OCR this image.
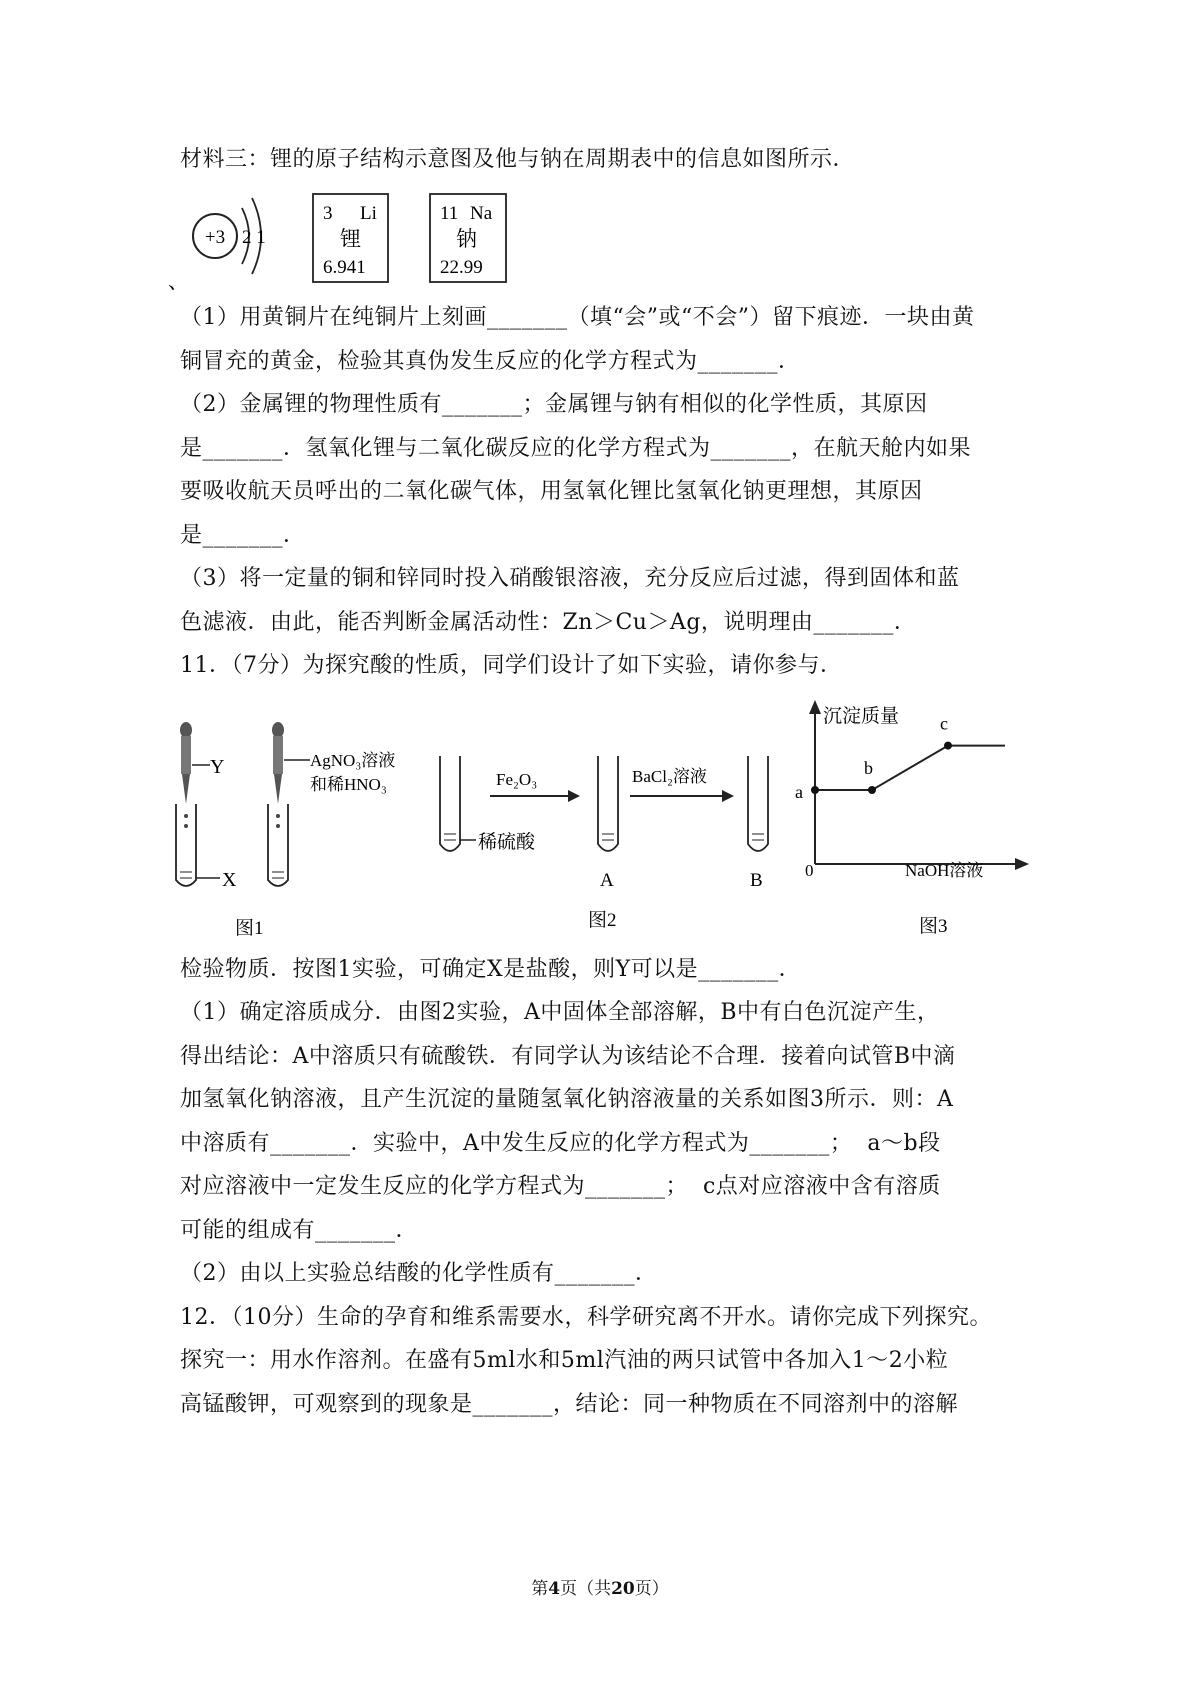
材料三：锂的原子结构示意图及他与钠在周期表中的信息如图所示．
+3 2 1
、
3 Li
锂
6.941
11 Na
钠
22.99
（1）用黄铜片在纯铜片上刻画_______（填“会”或“不会”）留下痕迹．一块由黄
铜冒充的黄金，检验其真伪发生反应的化学方程式为_______．
（2）金属锂的物理性质有_______；金属锂与钠有相似的化学性质，其原因
是_______．氢氧化锂与二氧化碳反应的化学方程式为_______，在航天舱内如果
要吸收航天员呼出的二氧化碳气体，用氢氧化锂比氢氧化钠更理想，其原因
是_______．
（3）将一定量的铜和锌同时投入硝酸银溶液，充分反应后过滤，得到固体和蓝
色滤液．由此，能否判断金属活动性：Zn＞Cu＞Ag，说明理由_______．
11．（7分）为探究酸的性质，同学们设计了如下实验，请你参与．
Y
X
AgNO₃溶液
和稀HNO₃
图1
稀硫酸
Fe₂O₃
A
BaCl₂溶液
B
图2
沉淀质量
NaOH溶液
0
a
b
c
图3
检验物质．按图1实验，可确定X是盐酸，则Y可以是_______．
（1）确定溶质成分．由图2实验，A中固体全部溶解，B中有白色沉淀产生，
得出结论：A中溶质只有硫酸铁．有同学认为该结论不合理．接着向试管B中滴
加氢氧化钠溶液，且产生沉淀的量随氢氧化钠溶液量的关系如图3所示．则：A
中溶质有_______．实验中，A中发生反应的化学方程式为_______；  a～b段
对应溶液中一定发生反应的化学方程式为_______；  c点对应溶液中含有溶质
可能的组成有_______．
（2）由以上实验总结酸的化学性质有_______．
12．（10分）生命的孕育和维系需要水，科学研究离不开水。请你完成下列探究。
探究一：用水作溶剂。在盛有5ml水和5ml汽油的两只试管中各加入1～2小粒
高锰酸钾，可观察到的现象是_______，结论：同一种物质在不同溶剂中的溶解
第4页（共20页）
